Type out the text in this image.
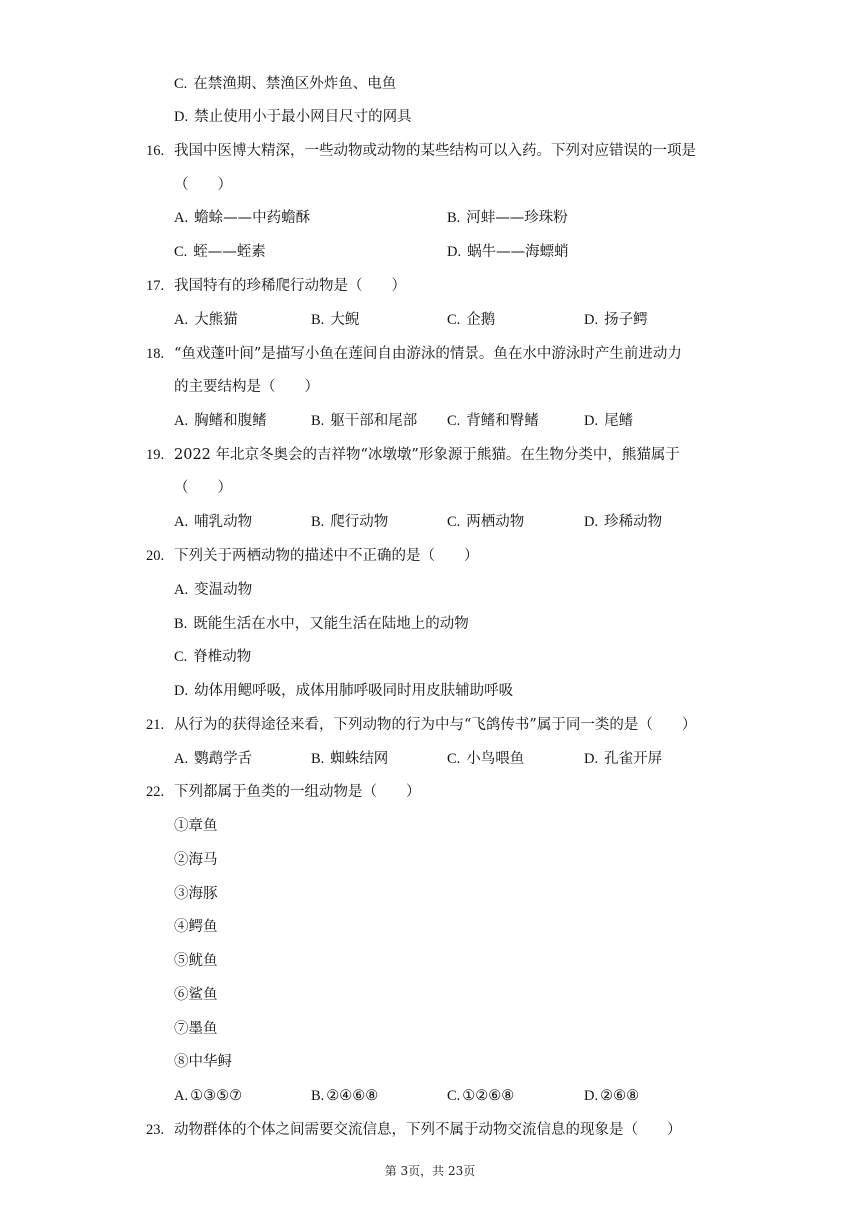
C. 在禁渔期、禁渔区外炸鱼、电鱼
D. 禁止使用小于最小网目尺寸的网具
16. 我国中医博大精深，一些动物或动物的某些结构可以入药。下列对应错误的一项是
（　　）
A. 蟾蜍——中药蟾酥	B. 河蚌——珍珠粉
C. 蛭——蛭素	D. 蜗牛——海螵蛸
17. 我国特有的珍稀爬行动物是（　　）
A. 大熊猫	B. 大鲵	C. 企鹅	D. 扬子鳄
18. “鱼戏蓬叶间”是描写小鱼在莲间自由游泳的情景。鱼在水中游泳时产生前进动力
的主要结构是（　　）
A. 胸鳍和腹鳍	B. 躯干部和尾部 C. 背鳍和臀鳍	D. 尾鳍
19. 2022 年北京冬奥会的吉祥物“冰墩墩”形象源于熊猫。在生物分类中，熊猫属于
（　　）
A. 哺乳动物	B. 爬行动物	C. 两栖动物	D. 珍稀动物
20. 下列关于两栖动物的描述中不正确的是（　　）
A. 变温动物
B. 既能生活在水中，又能生活在陆地上的动物
C. 脊椎动物
D. 幼体用鳃呼吸，成体用肺呼吸同时用皮肤辅助呼吸
21. 从行为的获得途径来看，下列动物的行为中与“飞鸽传书”属于同一类的是（　　）
A. 鹦鹉学舌	B. 蜘蛛结网	C. 小鸟喂鱼	D. 孔雀开屏
22. 下列都属于鱼类的一组动物是（　　）
①章鱼
②海马
③海豚
④鳄鱼
⑤鱿鱼
⑥鲨鱼
⑦墨鱼
⑧中华鲟
A. ①③⑤⑦	B. ②④⑥⑧	C. ①②⑥⑧	D. ②⑥⑧
23. 动物群体的个体之间需要交流信息，下列不属于动物交流信息的现象是（　　）
第 3页，共 23页
